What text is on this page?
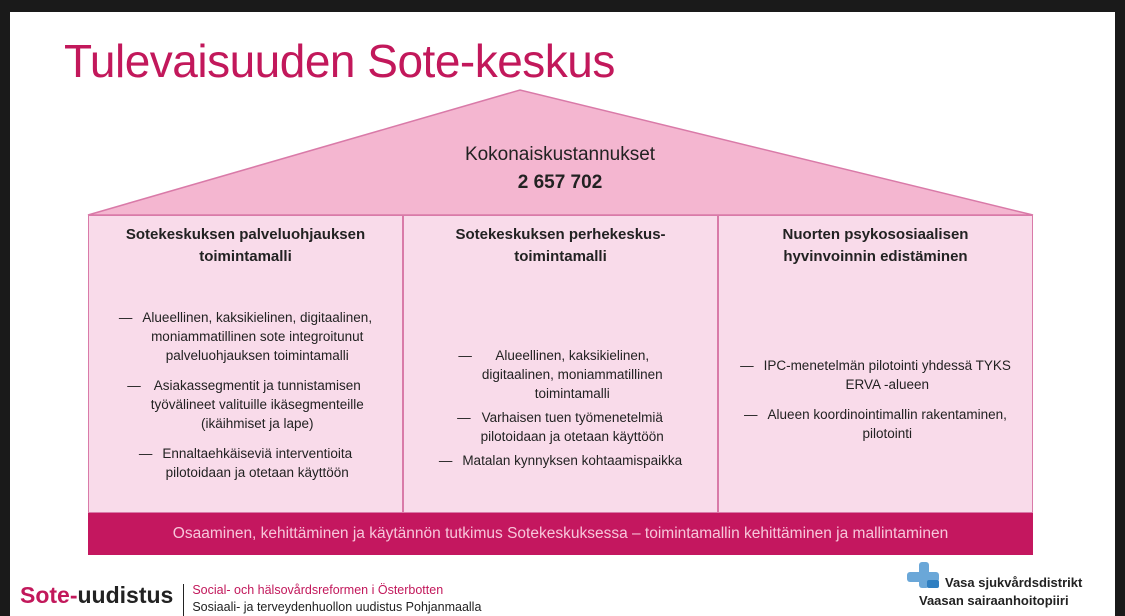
Tulevaisuuden Sote-keskus
Kokonaiskustannukset
2 657 702
Sotekeskuksen palveluohjauksen
toimintamalli
— Alueellinen, kaksikielinen, digitaalinen,
moniammatillinen sote integroitunut
palveluohjauksen toimintamalli
— Asiakassegmentit ja tunnistamisen
työvälineet valituille ikäsegmenteille
(ikäihmiset ja lape)
— Ennaltaehkäiseviä interventioita
pilotoidaan ja otetaan käyttöön
Sotekeskuksen perhekeskus-
toimintamalli
—	Alueellinen, kaksikielinen,
digitaalinen, moniammatillinen
toimintamalli
— Varhaisen tuen työmenetelmiä
pilotoidaan ja otetaan käyttöön
— Matalan kynnyksen kohtaamispaikka
Nuorten psykososiaalisen
hyvinvoinnin edistäminen
— IPC-menetelmän pilotointi yhdessä TYKS
ERVA -alueen
— Alueen koordinointimallin rakentaminen,
pilotointi
Osaaminen, kehittäminen ja käytännön tutkimus Sotekeskuksessa – toimintamallin kehittäminen ja mallintaminen
Sote-uudistus Social- och hälsovårdsreformen i Österbotten
Sosiaali- ja terveydenhuollon uudistus Pohjanmaalla
Vasa sjukvårdsdistrikt
Vaasan sairaanhoitopiiri
